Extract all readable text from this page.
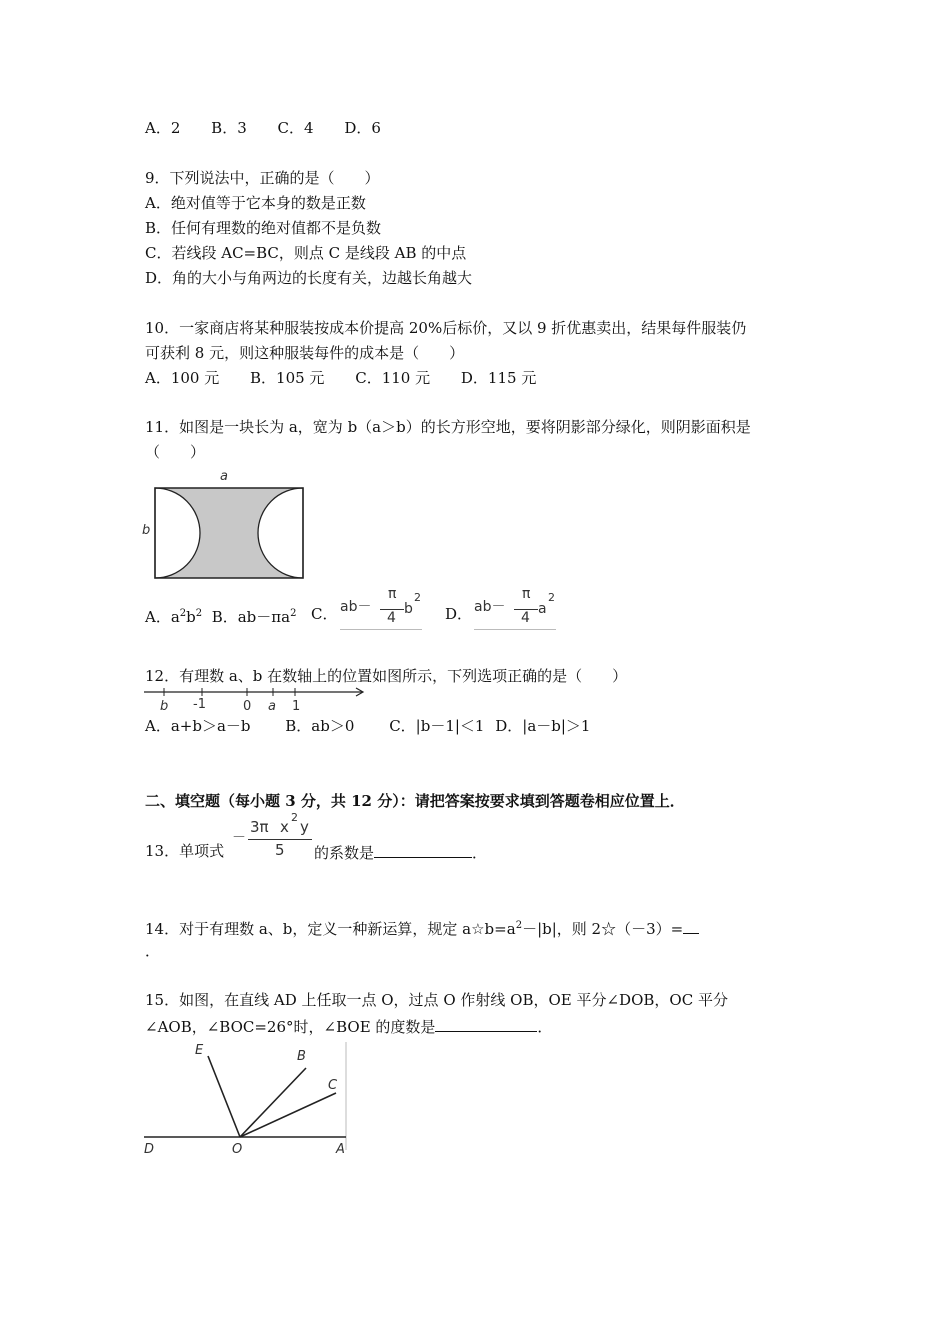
A．2 B．3 C．4 D．6
9．下列说法中，正确的是（　　）
A．绝对值等于它本身的数是正数
B．任何有理数的绝对值都不是负数
C．若线段 AC=BC，则点 C 是线段 AB 的中点
D．角的大小与角两边的长度有关，边越长角越大
10．一家商店将某种服装按成本价提高 20%后标价，又以 9 折优惠卖出，结果每件服装仍
可获利 8 元，则这种服装每件的成本是（　　）
A．100 元 B．105 元 C．110 元 D．115 元
11．如图是一块长为 a，宽为 b（a＞b）的长方形空地，要将阴影部分绿化，则阴影面积是
（　　）
a
b
A．$a^2b^2$ B．$ab-\pi a^2$ C． ab－
π
4
b
2
D． ab－
π
4
a
2
12．有理数 a、b 在数轴上的位置如图所示，下列选项正确的是（　　）
b -1	0 a 1
A．a+b＞a－b B．ab＞0 C．|b－1|＜1 D．|a－b|＞1
二、填空题（每小题 3 分，共 12 分）：请把答案按要求填到答题卷相应位置上．
13．单项式
－
3π x
2
y
5 的系数是	．
14．对于有理数 a、b，定义一种新运算，规定 $a☆b=a^2-|b|$，则 2☆（－3）=
．
15．如图，在直线 AD 上任取一点 O，过点 O 作射线 OB，OE 平分∠DOB，OC 平分
∠AOB，∠BOC=26°时，∠BOE 的度数是	．
E	B
C
D	O	A
